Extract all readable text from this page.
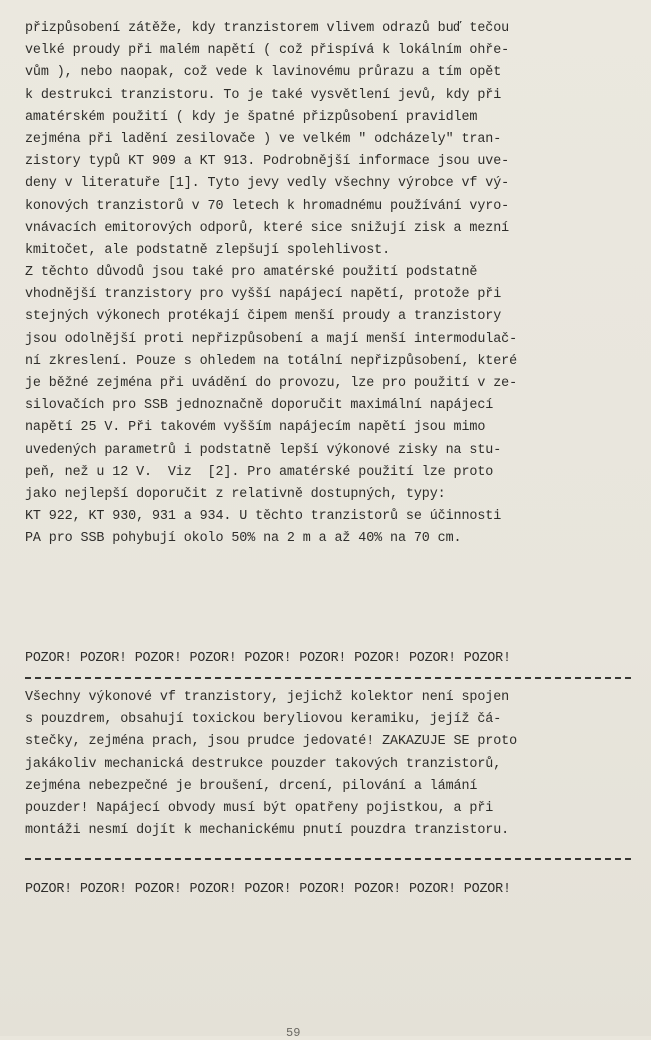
přizpůsobení zátěže, kdy tranzistorem vlivem odrazů buď tečou
velké proudy při malém napětí ( což přispívá k lokálním ohře-
vům ), nebo naopak, což vede k lavinovému průrazu a tím opět
k destrukci tranzistoru. To je také vysvětlení jevů, kdy při
amatérském použití ( kdy je špatné přizpůsobení pravidlem
zejména při ladění zesilovače ) ve velkém " odcházely" tran-
zistory typů KT 909 a KT 913. Podrobnější informace jsou uve-
deny v literatuře [1]. Tyto jevy vedly všechny výrobce vf vý-
konových tranzistorů v 70 letech k hromadnému používání vyro-
vnávacích emitorových odporů, které sice snižují zisk a mezní
kmitočet, ale podstatně zlepšují spolehlivost.
Z těchto důvodů jsou také pro amatérské použití podstatně
vhodnější tranzistory pro vyšší napájecí napětí, protože při
stejných výkonech protékají čipem menší proudy a tranzistory
jsou odolnější proti nepřizpůsobení a mají menší intermodulač-
ní zkreslení. Pouze s ohledem na totální nepřizpůsobení, které
je běžné zejména při uvádění do provozu, lze pro použití v ze-
silovačích pro SSB jednoznačně doporučit maximální napájecí
napětí 25 V. Při takovém vyšším napájecím napětí jsou mimo
uvedených parametrů i podstatně lepší výkonové zisky na stu-
peň, než u 12 V.  Viz  [2]. Pro amatérské použití lze proto
jako nejlepší doporučit z relativně dostupných, typy:
KT 922, KT 930, 931 a 934. U těchto tranzistorů se účinnosti
PA pro SSB pohybují okolo 50% na 2 m a až 40% na 70 cm.
POZOR! POZOR! POZOR! POZOR! POZOR! POZOR! POZOR! POZOR! POZOR!
Všechny výkonové vf tranzistory, jejichž kolektor není spojen
s pouzdrem, obsahují toxickou beryliovou keramiku, jejíž čá-
stečky, zejména prach, jsou prudce jedovaté! ZAKAZUJE SE proto
jakákoliv mechanická destrukce pouzder takových tranzistorů,
zejména nebezpečné je broušení, drcení, pilování a lámání
pouzder! Napájecí obvody musí být opatřeny pojistkou, a při
montáži nesmí dojít k mechanickému pnutí pouzdra tranzistoru.
POZOR! POZOR! POZOR! POZOR! POZOR! POZOR! POZOR! POZOR! POZOR!
59
